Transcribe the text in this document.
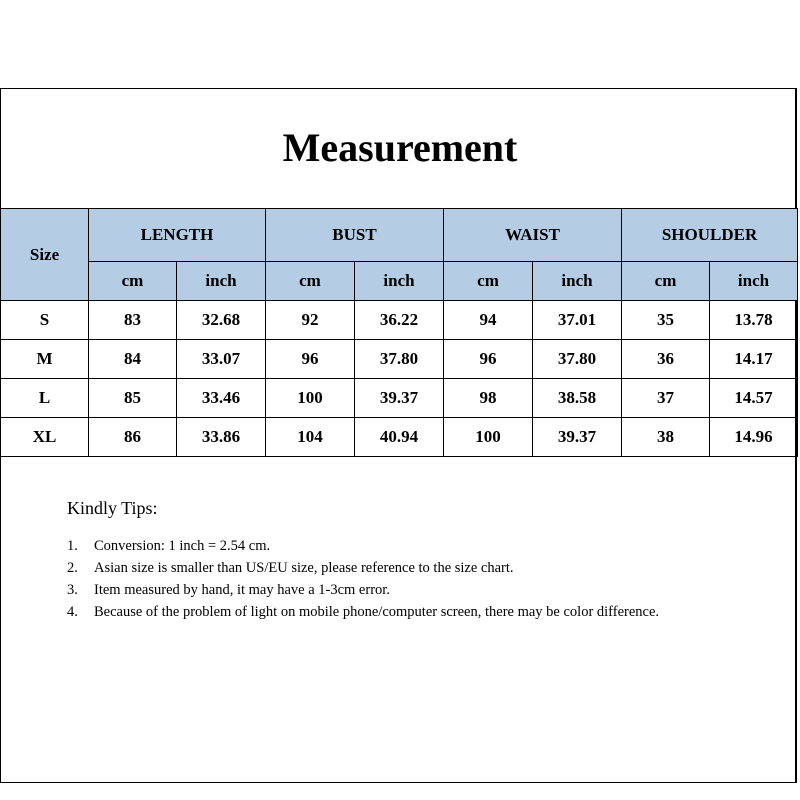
Measurement
Size	LENGTH		BUST		WAIST		SHOULDER	
	cm	inch	cm	inch	cm	inch	cm	inch
S	83	32.68	92	36.22	94	37.01	35	13.78
M	84	33.07	96	37.80	96	37.80	36	14.17
L	85	33.46	100	39.37	98	38.58	37	14.57
XL	86	33.86	104	40.94	100	39.37	38	14.96
Kindly Tips:
1.	Conversion: 1 inch = 2.54 cm.
2.	Asian size is smaller than US/EU size, please reference to the size chart.
3.	Item measured by hand, it may have a 1-3cm error.
4.	Because of the problem of light on mobile phone/computer screen, there may be color difference.
